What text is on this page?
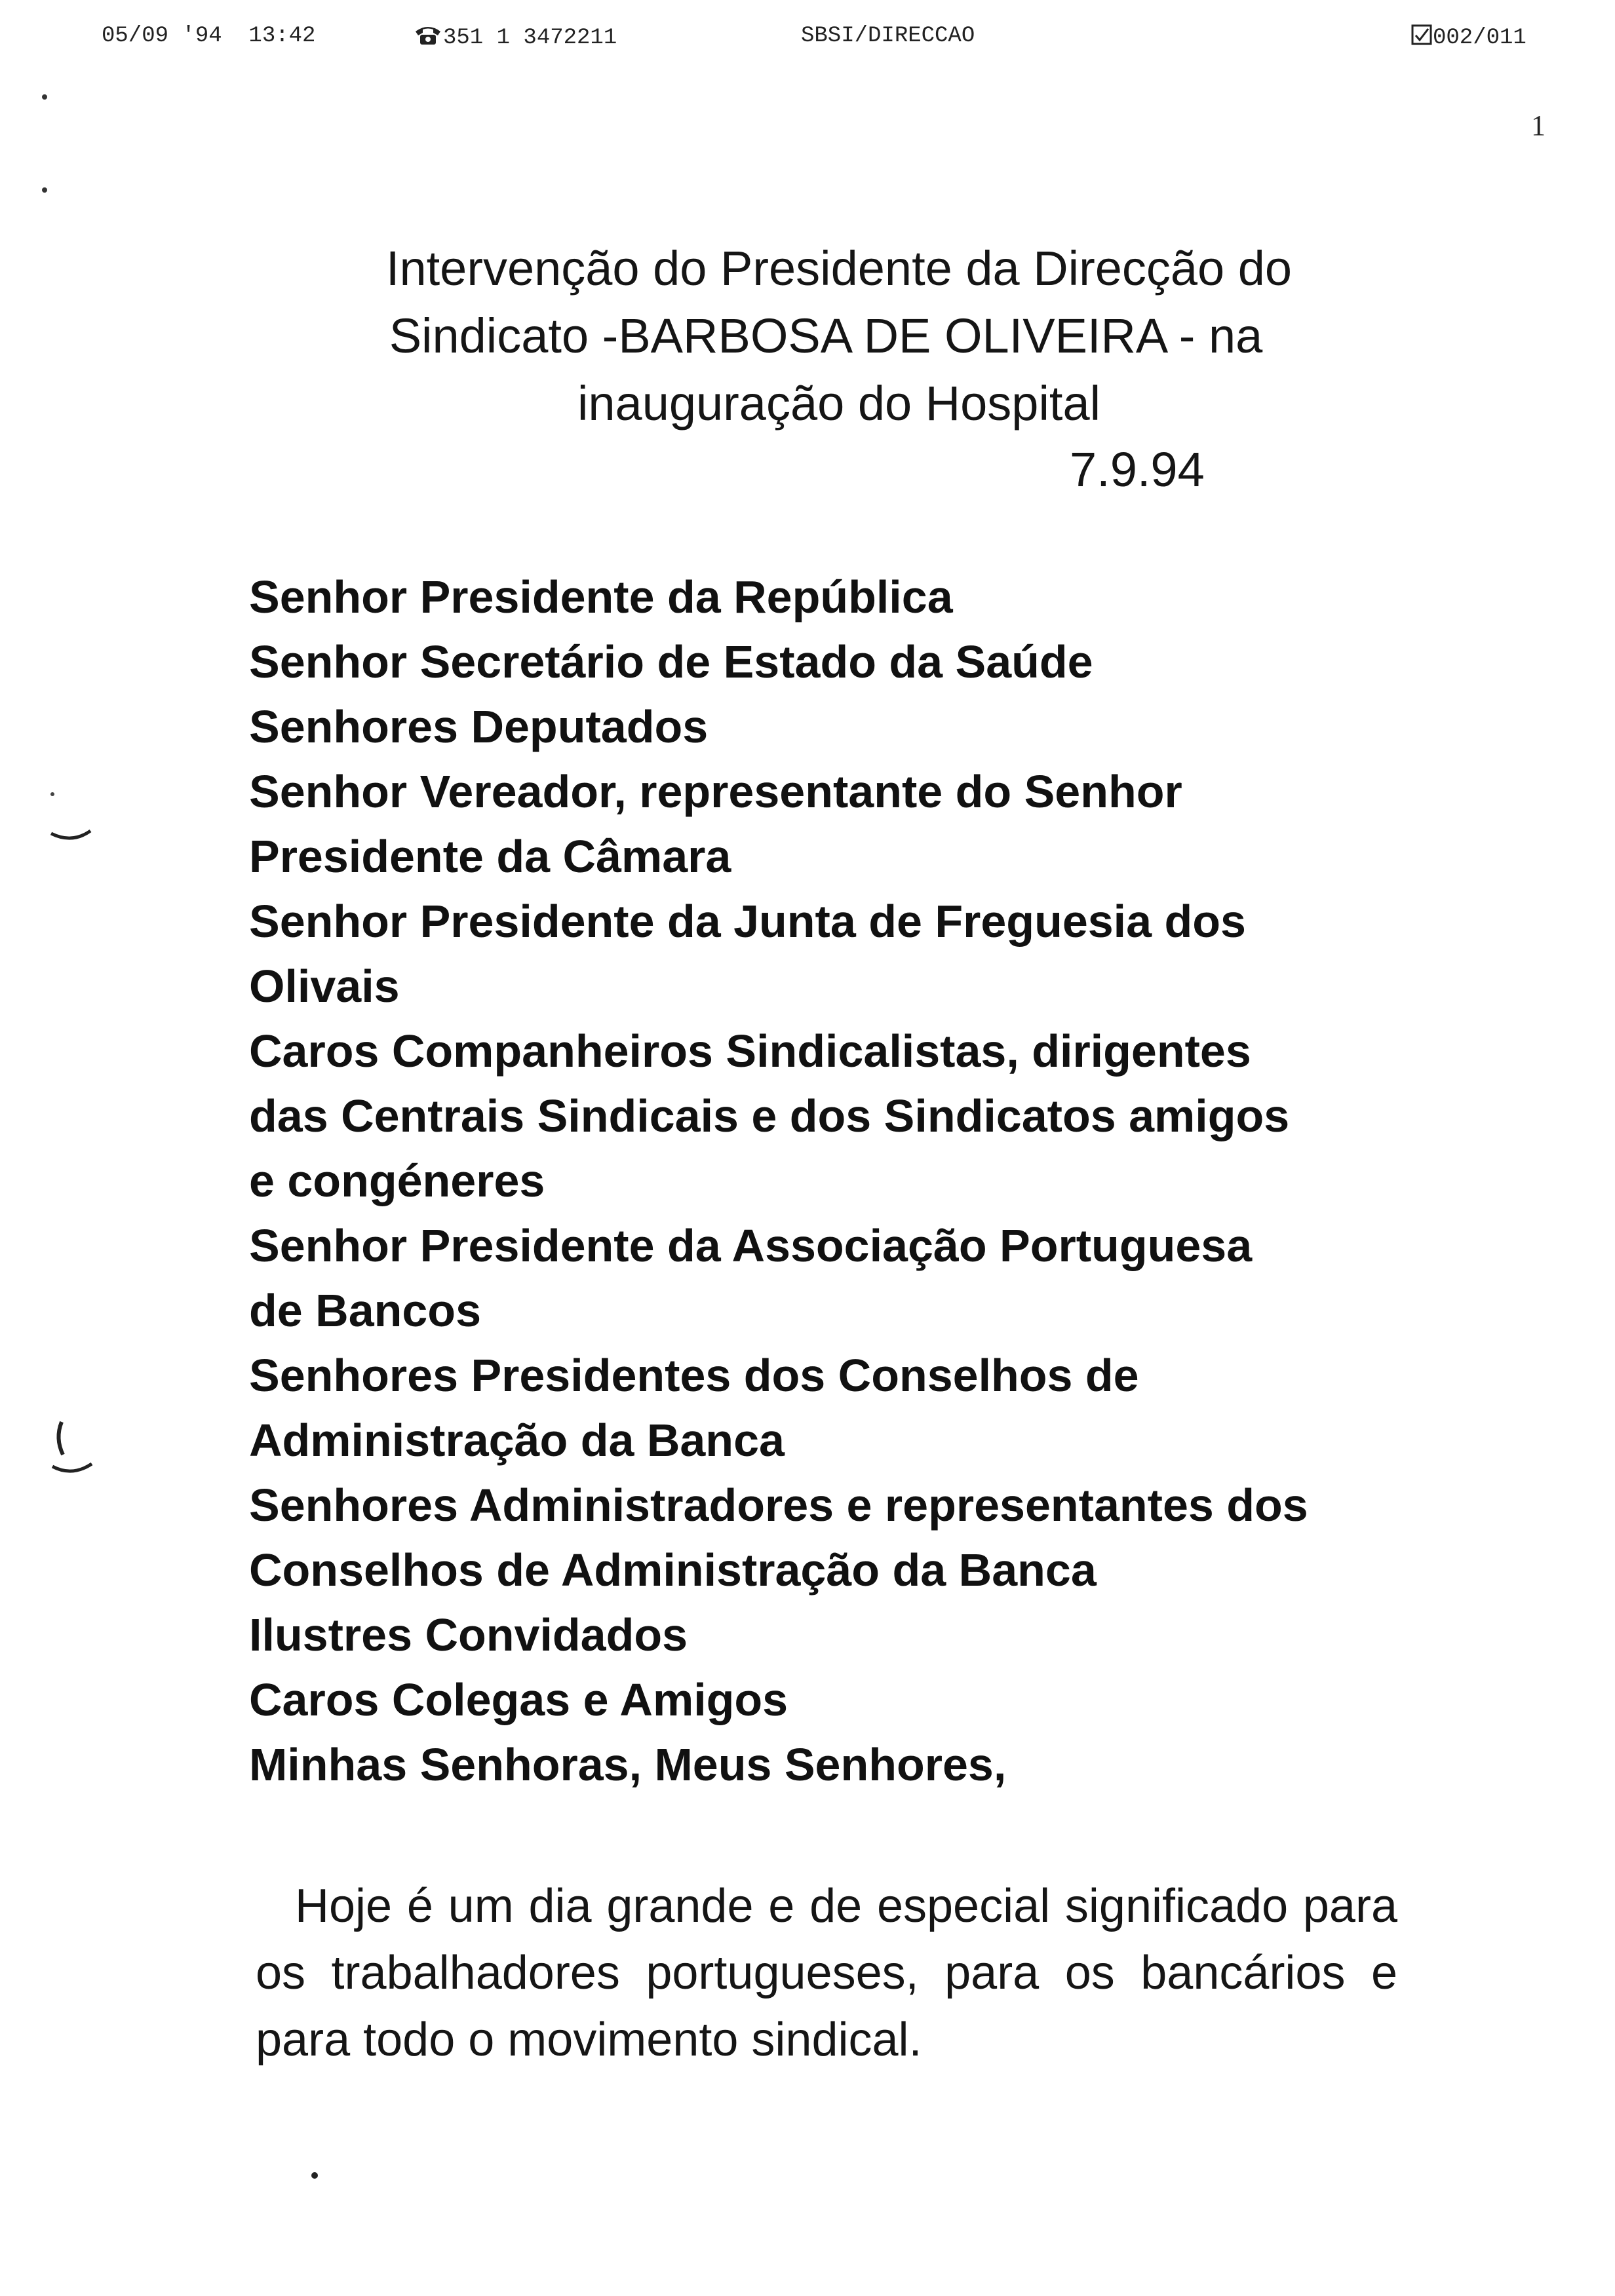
05/09 '94  13:42	351 1 3472211	SBSI/DIRECCAO	002/011
1
Intervenção do Presidente da Direcção do
Sindicato -BARBOSA DE OLIVEIRA - na
inauguração do Hospital
7.9.94
Senhor Presidente da República
Senhor Secretário de Estado da Saúde
Senhores Deputados
Senhor Vereador, representante do Senhor
Presidente da Câmara
Senhor Presidente da Junta de Freguesia dos
Olivais
Caros Companheiros Sindicalistas, dirigentes
das Centrais Sindicais e dos Sindicatos amigos
e congéneres
Senhor Presidente da Associação Portuguesa
de Bancos
Senhores Presidentes dos Conselhos de
Administração da Banca
Senhores Administradores e representantes dos
Conselhos de Administração da Banca
Ilustres Convidados
Caros Colegas e Amigos
Minhas Senhoras, Meus Senhores,
Hoje é um dia grande e de especial significado para os trabalhadores portugueses, para os bancários e para todo o movimento sindical.
